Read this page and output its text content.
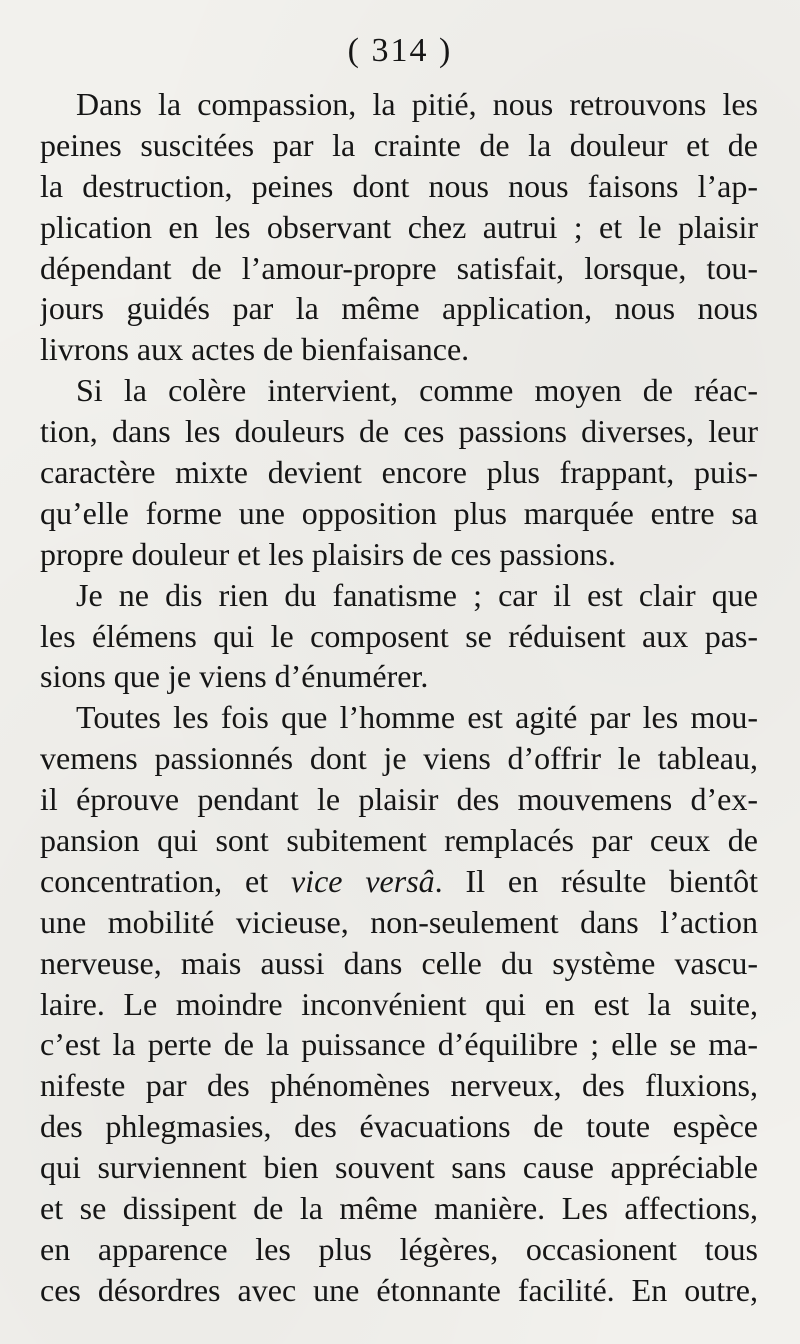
( 314 )
Dans la compassion, la pitié, nous retrouvons les
peines suscitées par la crainte de la douleur et de
la destruction, peines dont nous nous faisons l’ap-
plication en les observant chez autrui ; et le plaisir
dépendant de l’amour-propre satisfait, lorsque, tou-
jours guidés par la même application, nous nous
livrons aux actes de bienfaisance.
Si la colère intervient, comme moyen de réac-
tion, dans les douleurs de ces passions diverses, leur
caractère mixte devient encore plus frappant, puis-
qu’elle forme une opposition plus marquée entre sa
propre douleur et les plaisirs de ces passions.
Je ne dis rien du fanatisme ; car il est clair que
les élémens qui le composent se réduisent aux pas-
sions que je viens d’énumérer.
Toutes les fois que l’homme est agité par les mou-
vemens passionnés dont je viens d’offrir le tableau,
il éprouve pendant le plaisir des mouvemens d’ex-
pansion qui sont subitement remplacés par ceux de
concentration, et vice versâ. Il en résulte bientôt
une mobilité vicieuse, non-seulement dans l’action
nerveuse, mais aussi dans celle du système vascu-
laire. Le moindre inconvénient qui en est la suite,
c’est la perte de la puissance d’équilibre ; elle se ma-
nifeste par des phénomènes nerveux, des fluxions,
des phlegmasies, des évacuations de toute espèce
qui surviennent bien souvent sans cause appréciable
et se dissipent de la même manière. Les affections,
en apparence les plus légères, occasionent tous
ces désordres avec une étonnante facilité. En outre,
